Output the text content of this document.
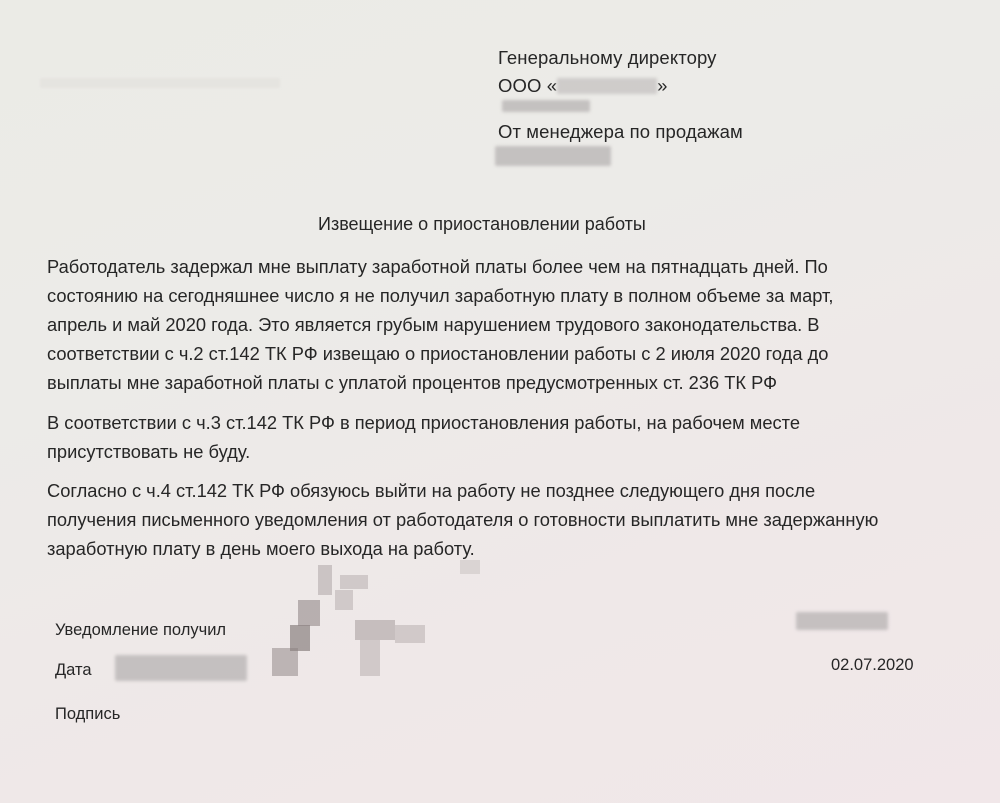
Генеральному директору
ООО «	»
От менеджера по продажам
Извещение о приостановлении работы
Работодатель задержал мне выплату заработной платы более чем на пятнадцать дней. По
состоянию на сегодняшнее число я не получил заработную плату в полном объеме за март,
апрель и май 2020 года. Это является грубым нарушением трудового законодательства. В
соответствии с ч.2 ст.142 ТК РФ извещаю о приостановлении работы с 2 июля 2020 года до
выплаты мне заработной платы с уплатой процентов предусмотренных ст. 236 ТК РФ
В соответствии с ч.3 ст.142 ТК РФ в период приостановления работы, на рабочем месте
присутствовать не буду.
Согласно с ч.4 ст.142 ТК РФ обязуюсь выйти на работу не позднее следующего дня после
получения письменного уведомления от работодателя о готовности выплатить мне задержанную
заработную плату в день моего выхода на работу.
Уведомление получил
Дата
Подпись
02.07.2020
